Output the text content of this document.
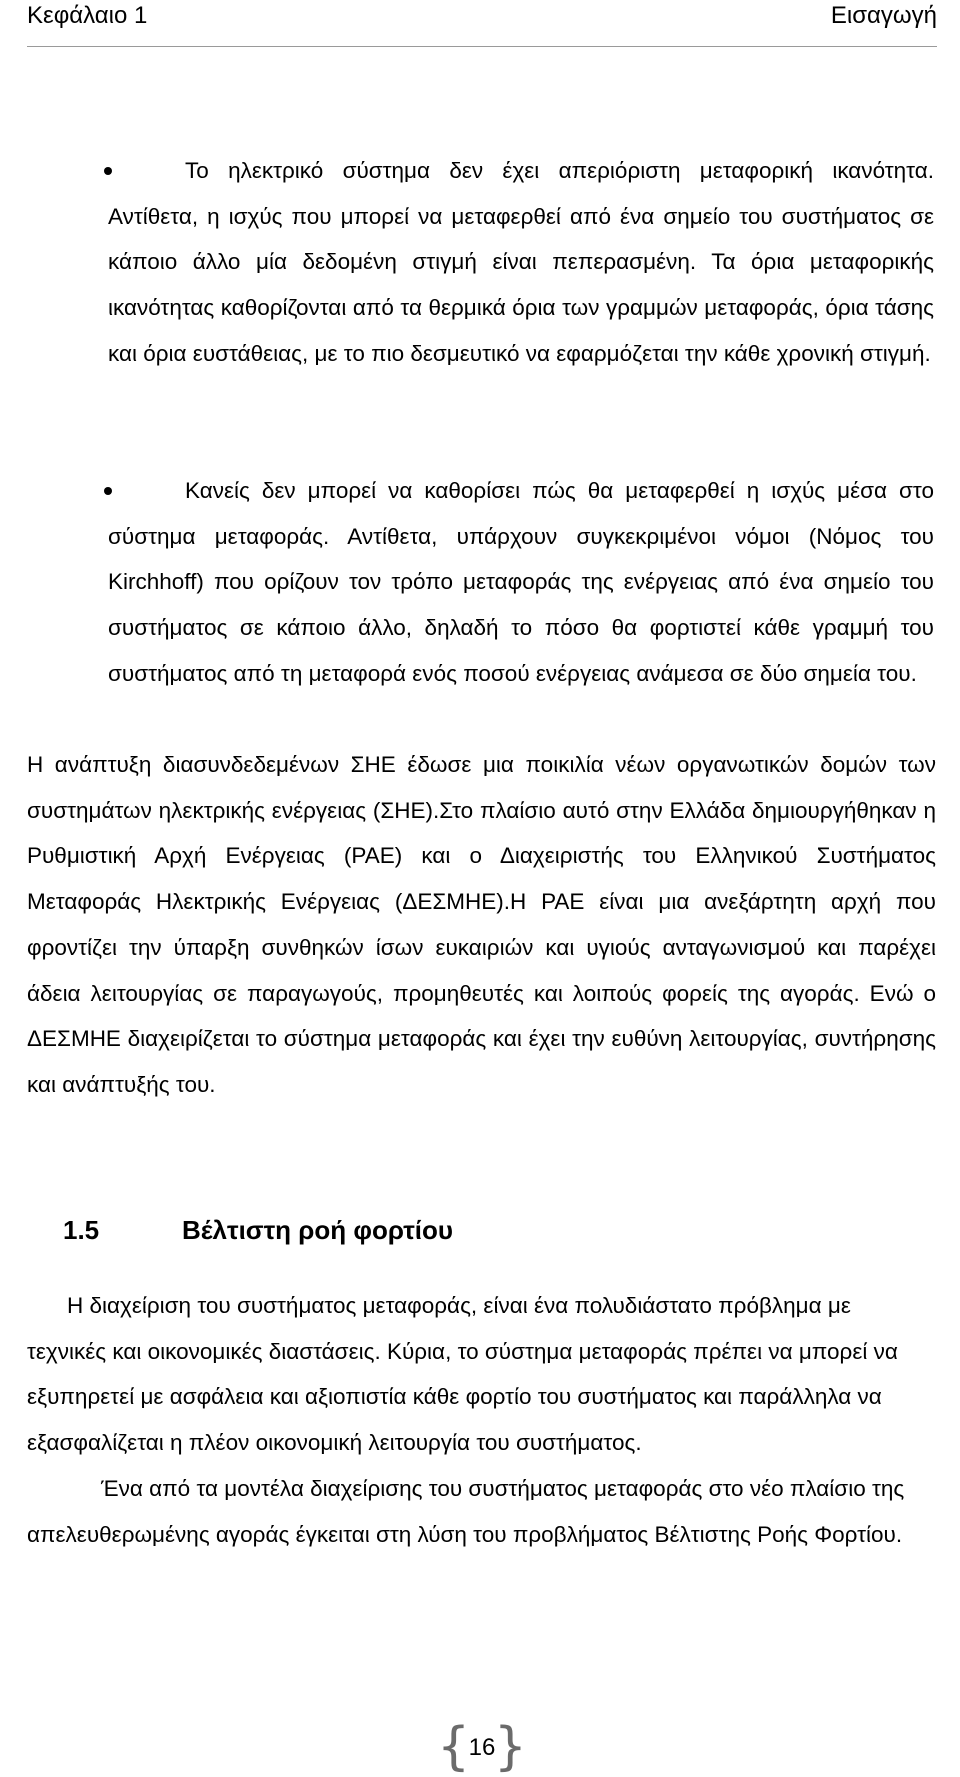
Κεφάλαιο 1	Εισαγωγή

Το ηλεκτρικό σύστημα δεν έχει απεριόριστη μεταφορική ικανότητα. Αντίθετα, η ισχύς που μπορεί να μεταφερθεί από ένα σημείο του συστήματος σε κάποιο άλλο μία δεδομένη στιγμή είναι πεπερασμένη. Τα όρια μεταφορικής ικανότητας καθορίζονται από τα θερμικά όρια των γραμμών μεταφοράς, όρια τάσης και όρια ευστάθειας, με το πιο δεσμευτικό να εφαρμόζεται την κάθε χρονική στιγμή.

Κανείς δεν μπορεί να καθορίσει πώς θα μεταφερθεί η ισχύς μέσα στο σύστημα μεταφοράς. Αντίθετα, υπάρχουν συγκεκριμένοι νόμοι (Νόμος του Kirchhoff) που ορίζουν τον τρόπο μεταφοράς της ενέργειας από ένα σημείο του συστήματος σε κάποιο άλλο, δηλαδή το πόσο θα φορτιστεί κάθε γραμμή του συστήματος από τη μεταφορά ενός ποσού ενέργειας ανάμεσα σε δύο σημεία του.

Η ανάπτυξη διασυνδεδεμένων ΣΗΕ έδωσε μια ποικιλία νέων οργανωτικών δομών των συστημάτων ηλεκτρικής ενέργειας (ΣΗΕ).Στο πλαίσιο αυτό στην Ελλάδα δημιουργήθηκαν η Ρυθμιστική Αρχή Ενέργειας (ΡΑΕ) και ο Διαχειριστής του Ελληνικού Συστήματος Μεταφοράς Ηλεκτρικής Ενέργειας (ΔΕΣΜΗΕ).Η ΡΑΕ είναι μια ανεξάρτητη αρχή που φροντίζει την ύπαρξη συνθηκών ίσων ευκαιριών και υγιούς ανταγωνισμού και παρέχει άδεια λειτουργίας σε παραγωγούς, προμηθευτές και λοιπούς φορείς της αγοράς. Ενώ ο ΔΕΣΜΗΕ διαχειρίζεται το σύστημα μεταφοράς και έχει την ευθύνη λειτουργίας, συντήρησης και ανάπτυξής του.

1.5	Βέλτιστη ροή φορτίου

Η διαχείριση του συστήματος μεταφοράς, είναι ένα πολυδιάστατο πρόβλημα με τεχνικές και οικονομικές διαστάσεις. Κύρια, το σύστημα μεταφοράς πρέπει να μπορεί να εξυπηρετεί με ασφάλεια και αξιοπιστία κάθε φορτίο του συστήματος και παράλληλα να εξασφαλίζεται η πλέον οικονομική λειτουργία του συστήματος.

Ένα από τα μοντέλα διαχείρισης του συστήματος μεταφοράς στο νέο πλαίσιο της απελευθερωμένης αγοράς έγκειται στη λύση του προβλήματος Βέλτιστης Ροής Φορτίου.

{
16
}
